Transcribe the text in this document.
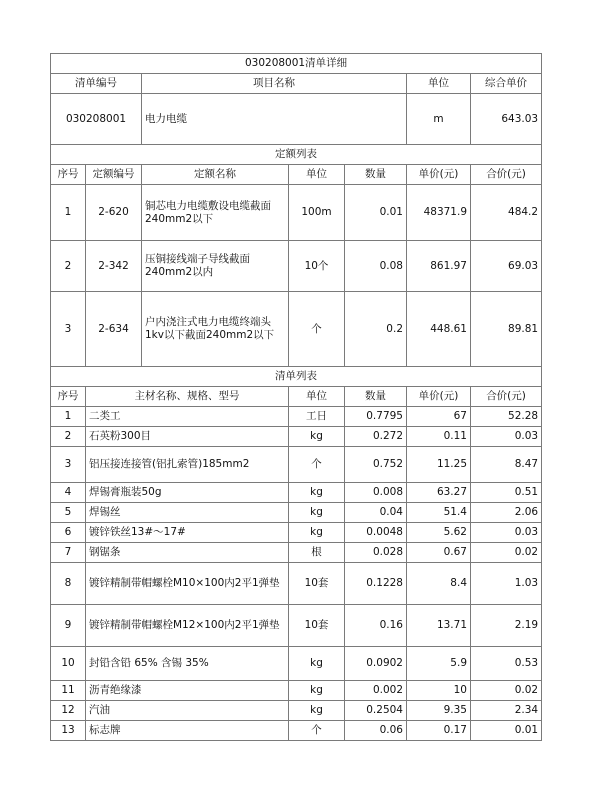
030208001清单详细						
清单编号		项目名称			单位	综合单价
030208001		电力电缆			m	643.03
定额列表						
序号	定额编号	定额名称	单位	数量	单价(元)	合价(元)
1	2-620	铜芯电力电缆敷设电缆截面240mm2以下	100m	0.01	48371.9	484.2
2	2-342	压铜接线端子导线截面240mm2以内	10个	0.08	861.97	69.03
3	2-634	户内浇注式电力电缆终端头1kv以下截面240mm2以下	个	0.2	448.61	89.81
清单列表						
序号	主材名称、规格、型号		单位	数量	单价(元)	合价(元)
1	二类工		工日	0.7795	67	52.28
2	石英粉300目		kg	0.272	0.11	0.03
3	铝压接连接管(铝扎索管)185mm2		个	0.752	11.25	8.47
4	焊锡膏瓶装50g		kg	0.008	63.27	0.51
5	焊锡丝		kg	0.04	51.4	2.06
6	镀锌铁丝13#～17#		kg	0.0048	5.62	0.03
7	钢锯条		根	0.028	0.67	0.02
8	镀锌精制带帽螺栓M10×100内2平1弹垫		10套	0.1228	8.4	1.03
9	镀锌精制带帽螺栓M12×100内2平1弹垫		10套	0.16	13.71	2.19
10	封铅含铅 65% 含锡 35%		kg	0.0902	5.9	0.53
11	沥青绝缘漆		kg	0.002	10	0.02
12	汽油		kg	0.2504	9.35	2.34
13	标志牌		个	0.06	0.17	0.01
